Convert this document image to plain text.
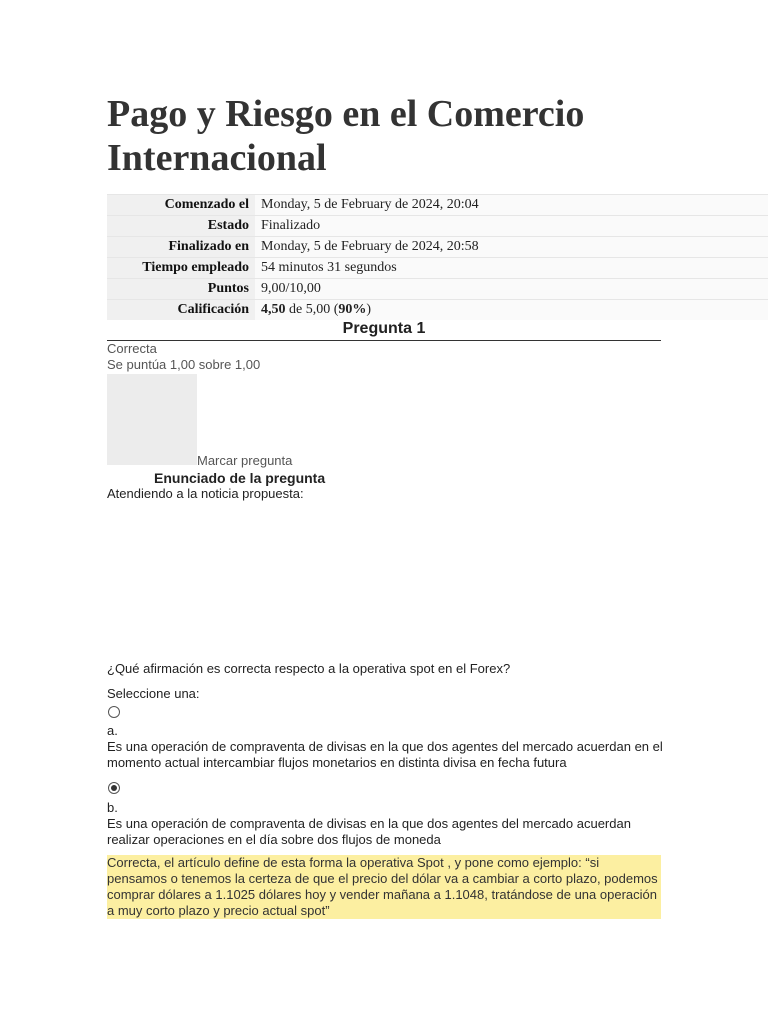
Pago y Riesgo en el Comercio Internacional
Comenzado el	Monday, 5 de February de 2024, 20:04
Estado	Finalizado
Finalizado en	Monday, 5 de February de 2024, 20:58
Tiempo empleado	54 minutos 31 segundos
Puntos	9,00/10,00
Calificación	4,50 de 5,00 (90%)
Pregunta 1
Correcta
Se puntúa 1,00 sobre 1,00
Marcar pregunta
Enunciado de la pregunta
Atendiendo a la noticia propuesta:
¿Qué afirmación es correcta respecto a la operativa spot en el Forex?
Seleccione una:
a.
Es una operación de compraventa de divisas en la que dos agentes del mercado acuerdan en el momento actual intercambiar flujos monetarios en distinta divisa en fecha futura
b.
Es una operación de compraventa de divisas en la que dos agentes del mercado acuerdan realizar operaciones en el día sobre dos flujos de moneda
Correcta, el artículo define de esta forma la operativa Spot , y pone como ejemplo: “si pensamos o tenemos la certeza de que el precio del dólar va a cambiar a corto plazo, podemos comprar dólares a 1.1025 dólares hoy y vender mañana a 1.1048, tratándose de una operación a muy corto plazo y precio actual spot”
